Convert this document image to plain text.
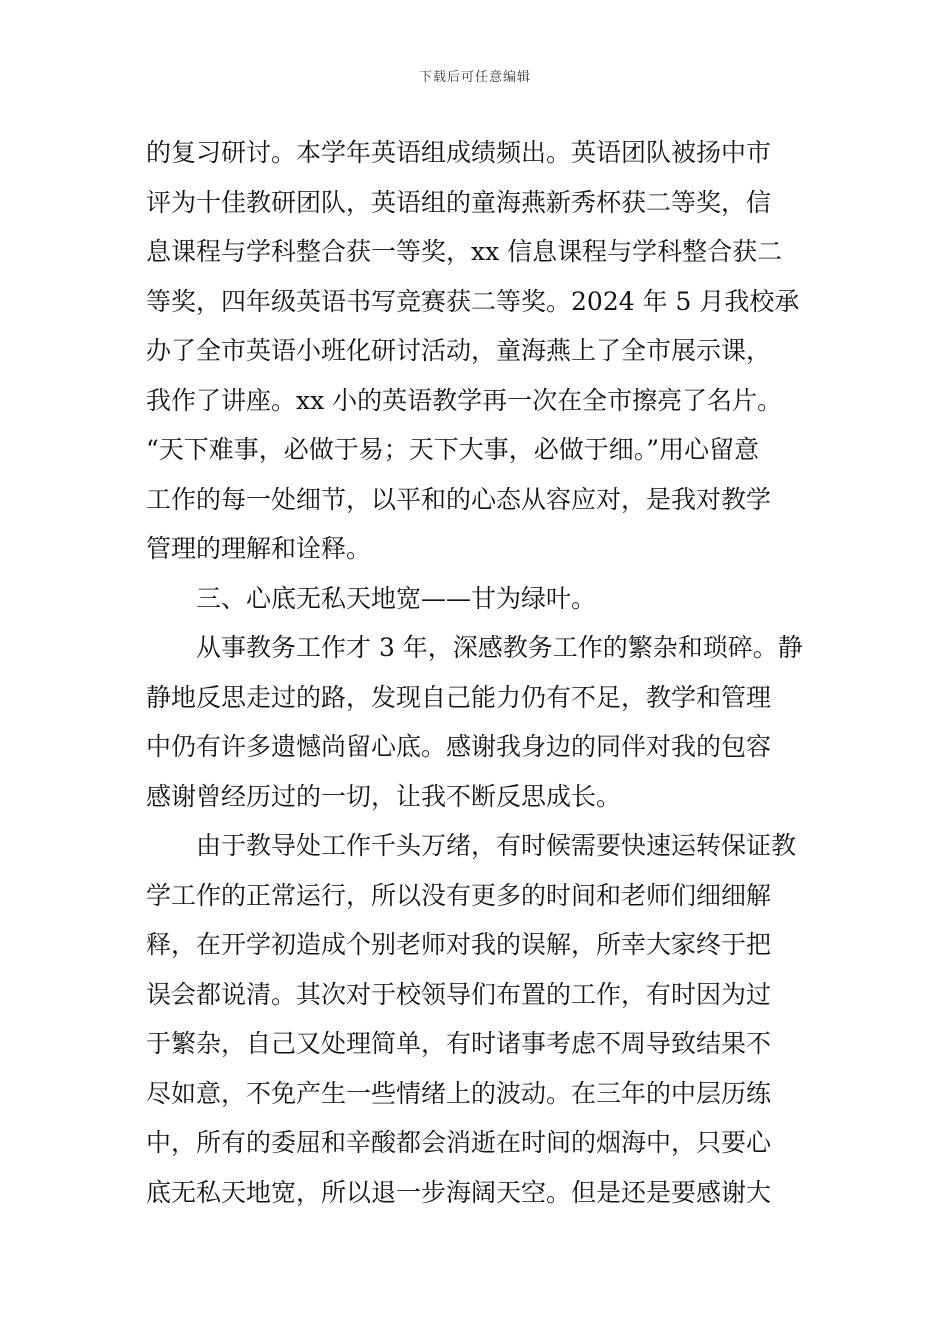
下载后可任意编辑
的复习研讨。本学年英语组成绩频出。英语团队被扬中市
评为十佳教研团队，英语组的童海燕新秀杯获二等奖，信
息课程与学科整合获一等奖，xx 信息课程与学科整合获二
等奖，四年级英语书写竞赛获二等奖。2024 年 5 月我校承
办了全市英语小班化研讨活动，童海燕上了全市展示课，
我作了讲座。xx 小的英语教学再一次在全市擦亮了名片。
“天下难事，必做于易；天下大事，必做于细。”用心留意
工作的每一处细节，以平和的心态从容应对，是我对教学
管理的理解和诠释。
三、心底无私天地宽——甘为绿叶。
从事教务工作才 3 年，深感教务工作的繁杂和琐碎。静
静地反思走过的路，发现自己能力仍有不足，教学和管理
中仍有许多遗憾尚留心底。感谢我身边的同伴对我的包容
感谢曾经历过的一切，让我不断反思成长。
由于教导处工作千头万绪，有时候需要快速运转保证教
学工作的正常运行，所以没有更多的时间和老师们细细解
释，在开学初造成个别老师对我的误解，所幸大家终于把
误会都说清。其次对于校领导们布置的工作，有时因为过
于繁杂，自己又处理简单，有时诸事考虑不周导致结果不
尽如意，不免产生一些情绪上的波动。在三年的中层历练
中，所有的委屈和辛酸都会消逝在时间的烟海中，只要心
底无私天地宽，所以退一步海阔天空。但是还是要感谢大
